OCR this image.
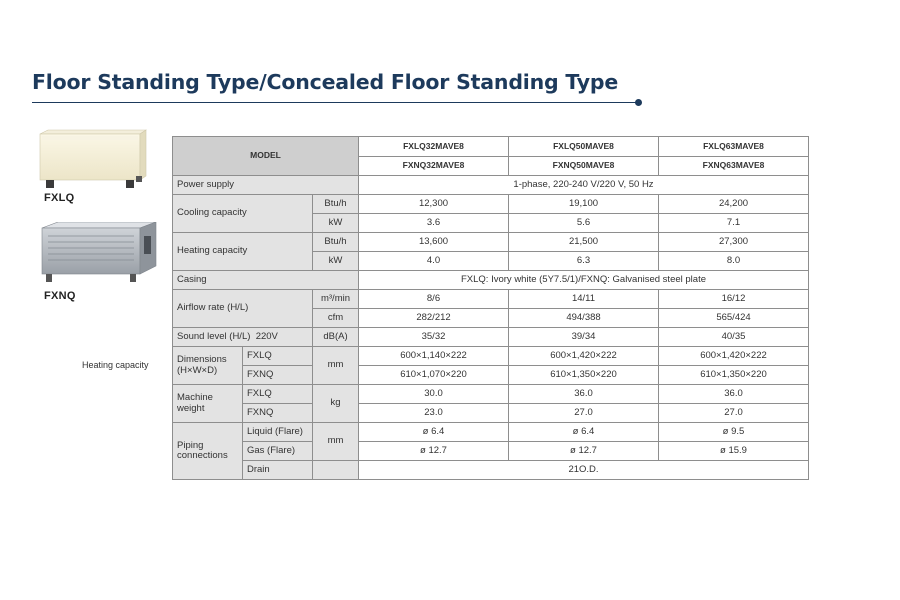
Floor Standing Type/Concealed Floor Standing Type
FXLQ
FXNQ
Heating capacity
MODEL			FXLQ32MAVE8	FXLQ50MAVE8	FXLQ63MAVE8
			FXNQ32MAVE8	FXNQ50MAVE8	FXNQ63MAVE8
Power supply			1-phase, 220-240 V/220 V, 50 Hz		
Cooling capacity		Btu/h	12,300	19,100	24,200
		kW	3.6	5.6	7.1
Heating capacity		Btu/h	13,600	21,500	27,300
		kW	4.0	6.3	8.0
Casing			FXLQ: Ivory white (5Y7.5/1)/FXNQ: Galvanised steel plate		
Airflow rate (H/L)		m³/min	8/6	14/11	16/12
		cfm	282/212	494/388	565/424
Sound level (H/L) 220V		dB(A)	35/32	39/34	40/35

Dimensions
(H×W×D)	FXLQ	mm	600×1,140×222	600×1,420×222	600×1,420×222
	FXNQ		610×1,070×220	610×1,350×220	610×1,350×220
Machine weight	FXLQ	kg	30.0	36.0	36.0
	FXNQ		23.0	27.0	27.0

Piping
connections	Liquid (Flare)	mm	ø 6.4	ø 6.4	ø 9.5
	Gas (Flare)		ø 12.7	ø 12.7	ø 15.9
	Drain		21O.D.		
